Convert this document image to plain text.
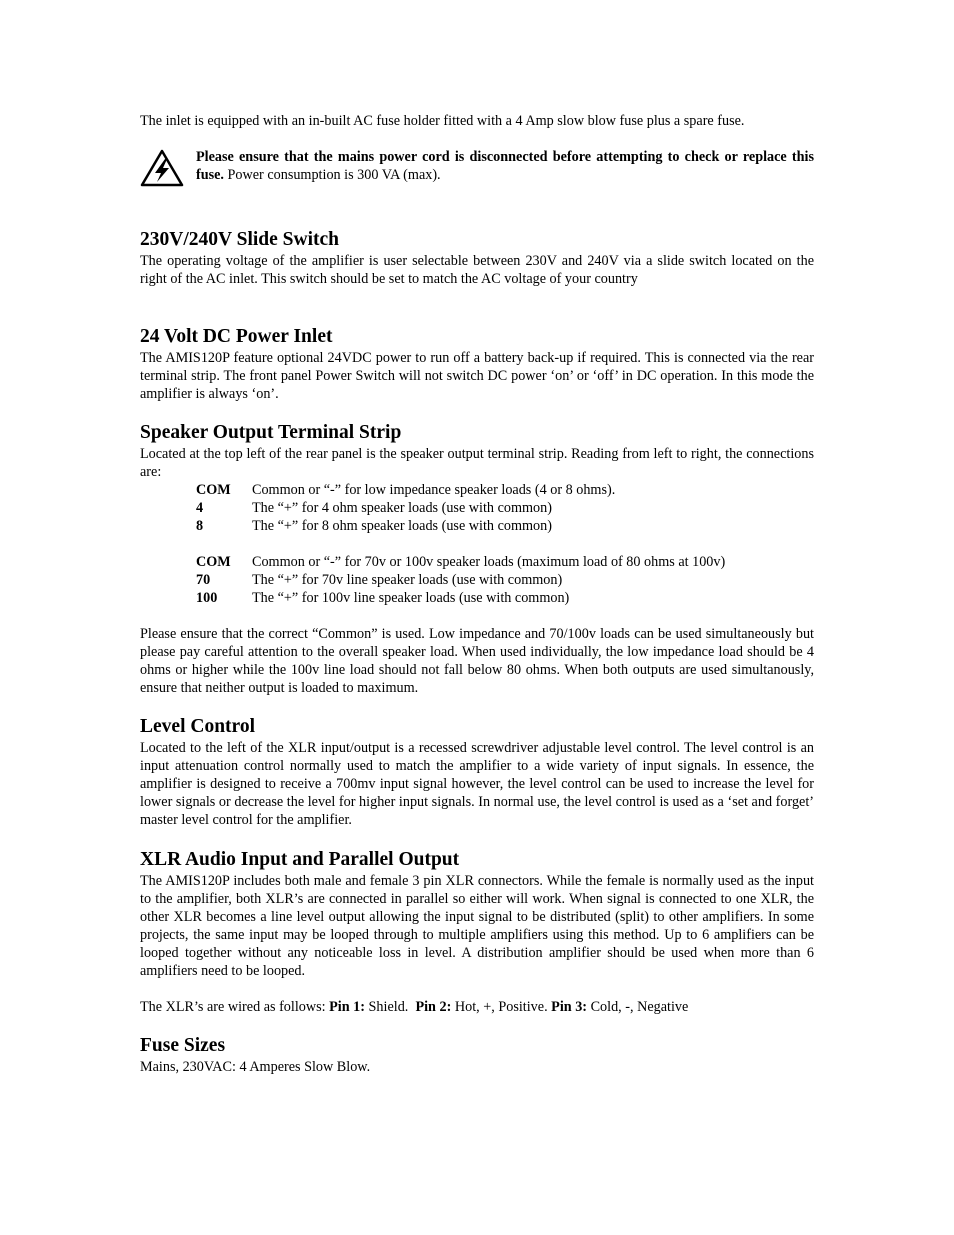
The inlet is equipped with an in-built AC fuse holder fitted with a 4 Amp slow blow fuse plus a spare fuse.

Please ensure that the mains power cord is disconnected before attempting to check or replace this fuse. Power consumption is 300 VA (max).

230V/240V Slide Switch

The operating voltage of the amplifier is user selectable between 230V and 240V via a slide switch located on the right of the AC inlet. This switch should be set to match the AC voltage of your country

24 Volt DC Power Inlet

The AMIS120P feature optional 24VDC power to run off a battery back-up if required. This is connected via the rear terminal strip. The front panel Power Switch will not switch DC power ‘on’ or ‘off’ in DC operation. In this mode the amplifier is always ‘on’.

Speaker Output Terminal Strip

Located at the top left of the rear panel is the speaker output terminal strip. Reading from left to right, the connections are:

COM	Common or “-” for low impedance speaker loads (4 or 8 ohms).
4	The “+” for 4 ohm speaker loads (use with common)
8	The “+” for 8 ohm speaker loads (use with common)
COM	Common or “-” for 70v or 100v speaker loads (maximum load of 80 ohms at 100v)
70	The “+” for 70v line speaker loads (use with common)
100	The “+” for 100v line speaker loads (use with common)

Please ensure that the correct “Common” is used. Low impedance and 70/100v loads can be used simultaneously but please pay careful attention to the overall speaker load. When used individually, the low impedance load should be 4 ohms or higher while the 100v line load should not fall below 80 ohms. When both outputs are used simultanously, ensure that neither output is loaded to maximum.

Level Control

Located to the left of the XLR input/output is a recessed screwdriver adjustable level control. The level control is an input attenuation control normally used to match the amplifier to a wide variety of input signals. In essence, the amplifier is designed to receive a 700mv input signal however, the level control can be used to increase the level for lower signals or decrease the level for higher input signals. In normal use, the level control is used as a ‘set and forget’ master level control for the amplifier.

XLR Audio Input and Parallel Output

The AMIS120P includes both male and female 3 pin XLR connectors. While the female is normally used as the input to the amplifier, both XLR’s are connected in parallel so either will work. When signal is connected to one XLR, the other XLR becomes a line level output allowing the input signal to be distributed (split) to other amplifiers. In some projects, the same input may be looped through to multiple amplifiers using this method. Up to 6 amplifiers can be looped together without any noticeable loss in level. A distribution amplifier should be used when more than 6 amplifiers need to be looped.

The XLR’s are wired as follows: Pin 1: Shield.  Pin 2: Hot, +, Positive. Pin 3: Cold, -, Negative

Fuse Sizes

Mains, 230VAC: 4 Amperes Slow Blow.
